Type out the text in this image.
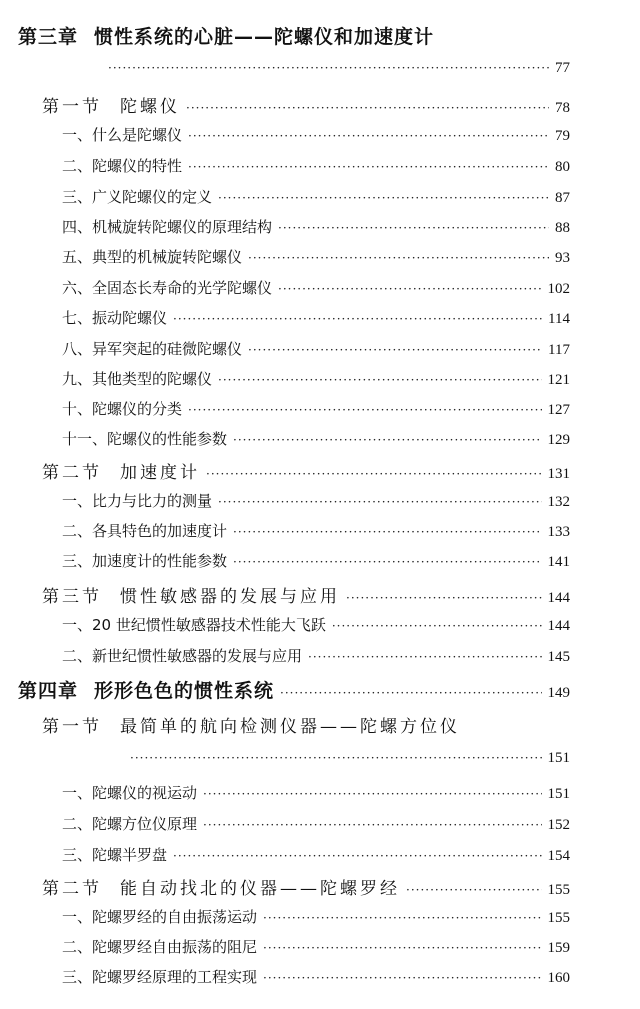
第三章 惯性系统的心脏——陀螺仪和加速度计
·····
77
第一节 陀螺仪 ·····	78
一、什么是陀螺仪 ·····	79
二、陀螺仪的特性 ·····	80
三、广义陀螺仪的定义 ·····	87
四、机械旋转陀螺仪的原理结构 ·····	88
五、典型的机械旋转陀螺仪 ·····	93
六、全固态长寿命的光学陀螺仪 ·····	102
七、振动陀螺仪 ·····	114
八、异军突起的硅微陀螺仪 ·····	117
九、其他类型的陀螺仪 ·····	121
十、陀螺仪的分类 ·····	127
十一、陀螺仪的性能参数 ·····	129
第二节 加速度计 ·····	131
一、比力与比力的测量 ·····	132
二、各具特色的加速度计 ·····	133
三、加速度计的性能参数 ·····	141
第三节 惯性敏感器的发展与应用 ·····	144
一、20 世纪惯性敏感器技术性能大飞跃 ·····	144
二、新世纪惯性敏感器的发展与应用 ·····	145
第四章 形形色色的惯性系统 ·····	149
第一节 最简单的航向检测仪器——陀螺方位仪
·····
151
一、陀螺仪的视运动 ·····	151
二、陀螺方位仪原理 ·····	152
三、陀螺半罗盘 ·····	154
第二节 能自动找北的仪器——陀螺罗经 ·····	155
一、陀螺罗经的自由振荡运动 ·····	155
二、陀螺罗经自由振荡的阻尼 ·····	159
三、陀螺罗经原理的工程实现 ·····	160
